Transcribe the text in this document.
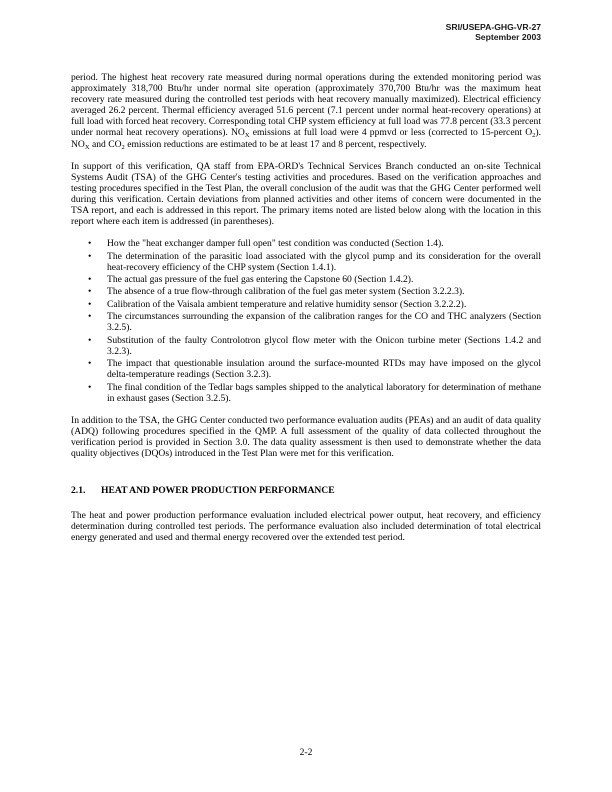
SRI/USEPA-GHG-VR-27
September 2003

period. The highest heat recovery rate measured during normal operations during the extended monitoring period was approximately 318,700 Btu/hr under normal site operation (approximately 370,700 Btu/hr was the maximum heat recovery rate measured during the controlled test periods with heat recovery manually maximized). Electrical efficiency averaged 26.2 percent. Thermal efficiency averaged 51.6 percent (7.1 percent under normal heat-recovery operations) at full load with forced heat recovery. Corresponding total CHP system efficiency at full load was 77.8 percent (33.3 percent under normal heat recovery operations). $NO_X$ emissions at full load were 4 ppmvd or less (corrected to 15-percent $O_2$). $NO_X$ and $CO_2$ emission reductions are estimated to be at least 17 and 8 percent, respectively.

In support of this verification, QA staff from EPA-ORD's Technical Services Branch conducted an on-site Technical Systems Audit (TSA) of the GHG Center's testing activities and procedures. Based on the verification approaches and testing procedures specified in the Test Plan, the overall conclusion of the audit was that the GHG Center performed well during this verification. Certain deviations from planned activities and other items of concern were documented in the TSA report, and each is addressed in this report. The primary items noted are listed below along with the location in this report where each item is addressed (in parentheses).

• How the "heat exchanger damper full open" test condition was conducted (Section 1.4).
• The determination of the parasitic load associated with the glycol pump and its consideration for the overall heat-recovery efficiency of the CHP system (Section 1.4.1).
• The actual gas pressure of the fuel gas entering the Capstone 60 (Section 1.4.2).
• The absence of a true flow-through calibration of the fuel gas meter system (Section 3.2.2.3).
• Calibration of the Vaisala ambient temperature and relative humidity sensor (Section 3.2.2.2).
• The circumstances surrounding the expansion of the calibration ranges for the CO and THC analyzers (Section 3.2.5).
• Substitution of the faulty Controlotron glycol flow meter with the Onicon turbine meter (Sections 1.4.2 and 3.2.3).
• The impact that questionable insulation around the surface-mounted RTDs may have imposed on the glycol delta-temperature readings (Section 3.2.3).
• The final condition of the Tedlar bags samples shipped to the analytical laboratory for determination of methane in exhaust gases (Section 3.2.5).

In addition to the TSA, the GHG Center conducted two performance evaluation audits (PEAs) and an audit of data quality (ADQ) following procedures specified in the QMP. A full assessment of the quality of data collected throughout the verification period is provided in Section 3.0. The data quality assessment is then used to demonstrate whether the data quality objectives (DQOs) introduced in the Test Plan were met for this verification.

2.1. HEAT AND POWER PRODUCTION PERFORMANCE

The heat and power production performance evaluation included electrical power output, heat recovery, and efficiency determination during controlled test periods. The performance evaluation also included determination of total electrical energy generated and used and thermal energy recovered over the extended test period.

2-2
